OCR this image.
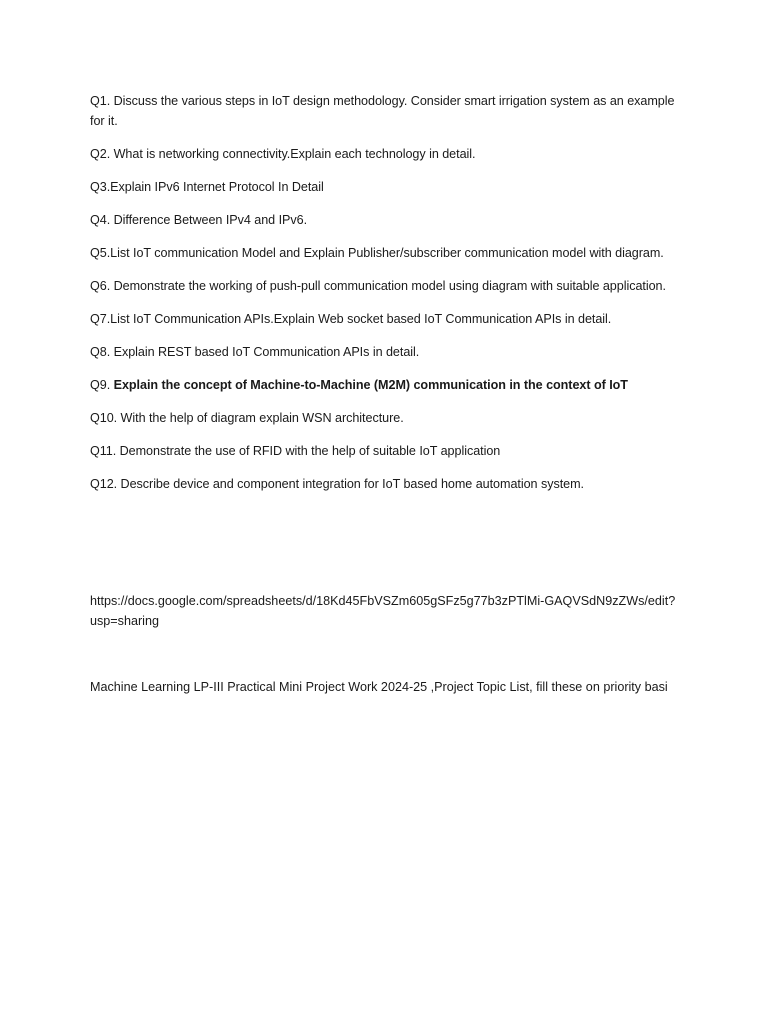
Q1. Discuss the various steps in IoT design methodology. Consider smart irrigation system as an example for it.

Q2. What is networking connectivity.Explain each technology in detail.

Q3.Explain IPv6 Internet Protocol In Detail

Q4. Difference Between IPv4 and IPv6.

Q5.List IoT communication Model and Explain Publisher/subscriber communication model with diagram.

Q6. Demonstrate the working of push-pull communication model using diagram with suitable application.

Q7.List IoT Communication APIs.Explain Web socket based IoT Communication APIs in detail.

Q8. Explain REST based IoT Communication APIs in detail.

Q9. Explain the concept of Machine-to-Machine (M2M) communication in the context of IoT

Q10. With the help of diagram explain WSN architecture.

Q11. Demonstrate the use of RFID with the help of suitable IoT application

Q12. Describe device and component integration for IoT based home automation system.

https://docs.google.com/spreadsheets/d/18Kd45FbVSZm605gSFz5g77b3zPTlMi-GAQVSdN9zZWs/edit?usp=sharing
Machine Learning LP-III Practical Mini Project Work 2024-25 ,Project Topic List, fill these on priority basi
